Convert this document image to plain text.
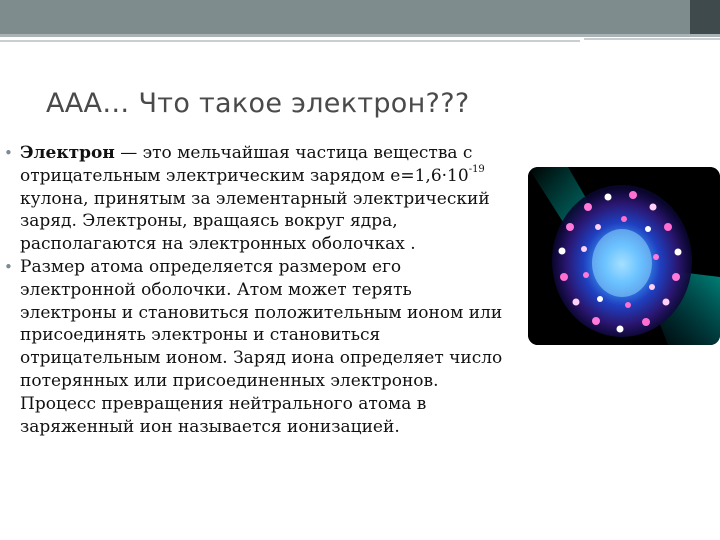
ААА… Что такое электрон???

• Электрон — это мельчайшая частица вещества с отрицательным электрическим зарядом $e=1,6\cdot 10^{-19}$ кулона, принятым за элементарный электрический заряд. Электроны, вращаясь вокруг ядра, располагаются на электронных оболочках .

• Размер атома определяется размером его электронной оболочки. Атом может терять электроны и становиться положительным ионом или присоединять электроны и становиться отрицательным ионом. Заряд иона определяет число потерянных или присоединенных электронов. Процесс превращения нейтрального атома в заряженный ион называется ионизацией.
